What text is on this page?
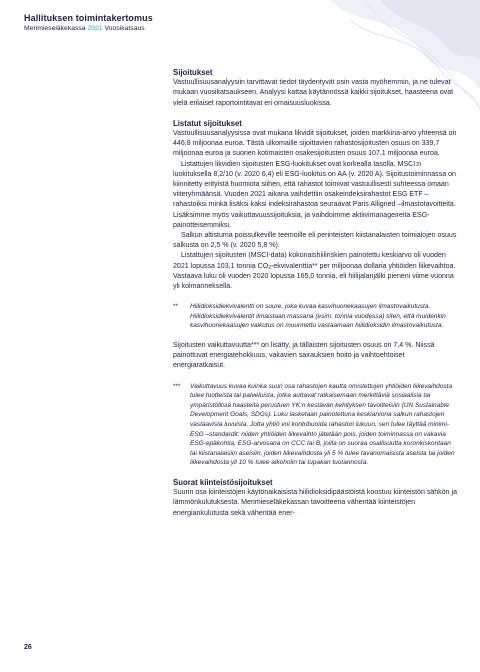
Hallituksen toimintakertomus
Merimieseläkekassa 2021 Vuosikatsaus
Sijoitukset

Vastuullisuusanalyysiin tarvittavat tiedot täydentyvät osin vasta myöhemmin, ja ne tulevat mukaan vuosikatsaukseen. Analyysi kattaa käytännössä kaikki sijoitukset, haasteena ovat vielä erilaiset raportointitavat eri omaisuusluokissa.

Listatut sijoitukset

Vastuullisuusanalyysissa ovat mukana likvidit sijoitukset, joiden markkina-arvo yhteensä on 446,8 miljoonaa euroa. Tästä ulkomaille sijoittavien rahastosijoitusten osuus on 339,7 miljoonaa euroa ja suorien kotimaisten osakesijoitusten osuus 107,1 miljoonaa euroa.

Listattujen likvidien sijoitusten ESG-luokitukset ovat korkealla tasolla. MSCI:n luokituksella 8,2/10 (v. 2020 6,4) eli ESG-luokitus on AA (v. 2020 A). Sijoitustoiminnassa on kiinnitetty erityistä huomiota siihen, että rahastot toimivat vastuullisesti suhteessa omaan viiteryhmäänsä. Vuoden 2021 aikana vaihdettiin osakeindeksirahastot ESG ETF –rahastoiksi minkä lisäksi kaksi indeksirahastoa seuraavat Paris Alligned –ilmastotavoitteita. Lisäksimme myös vaikuttavuussijoituksia, ja vaihdoimme aktiivimanageireita ESG-painotteisemmiksi.

Salkun altistuma poissulkeville teemoille eli perinteisten kiistanalaisten toimialojen osuus salkusta on 2,5 % (v. 2020 5,8 %).

Listattujen sijoitusten (MSCI-data) kokonaishiiliriskien painotettu keskiarvo oli vuoden 2021 lopussa 103,1 tonnia $CO_2-ekvivalenttia**$ per miljoonaa dollaria yhtiöiden liikevaihtoa. Vastaava luku oli vuoden 2020 lopussa 165,0 tonnia, eli hiilijalanjälki pieneni viime vuonna yli kolmanneksella.

**	Hiilidioksidiekvivalentti on suure, joka kuvaa kasvihuonekaasujen ilmastovaikutusta. Hiilidioksidiekvivalentit ilmaistaan massana (esim. tonnia vuodessa) siten, että muidenkin kasvihuonekaasujen vaikutus on muunnettu vastaamaan hiilidioksidin ilmastovaikutusta.

Sijoitusten vaikuttavuutta*** on lisätty, ja tällaisten sijoitusten osuus on 7,4 %. Niissä painottuvat energiatehokkuus, vakavien sairauksien hoito ja vaihtoehtoiset energiaratkaisut.

***	Vaikuttavuus kuvaa kuinka suuri osa rahastojen kautta omistettujen yhtiöiden liikevaihdosta tulee tuotteista tai palveluista, jotka auttavat ratkaisemaan merkittäviä sosiaalisia tai ympäristöllisiä haasteita perustuen YK:n kestävän kehityksen tavoitteisiin (UN Sustainable Development Goals, SDGs). Luku lasketaan painotettuna keskiarvona salkun rahastojen vastaavista luvuista. Jotta yhtiö voi kontribuoida rahaston lukuun, sen tulee täyttää minimi-ESG –standardit: niiden yhtiöiden liikevaihto jätetään pois, joiden toiminnassa on vakavia ESG-epäkohtia, ESG-arvosana on CCC tai B, joilla on suoraa osallisuutta koronkiskontaan tai kiistanalaisiin aseisiin, joiden liikevaihdosta yli 5 % tulee tavanomaisista aseista tai joiden liikevaihdosta yli 10 % tulee alkoholin tai tupakan tuotannosta.
Suorat kiinteistösijoitukset

Suurin osa kiinteistöjen käytönaikaisista hiilidioksidipäästöistä koostuu kiinteistön sähkön ja lämmönkulutuksesta. Merimieseläkekassan tavoitteena vähentää kiinteistöjen energiankulutusta sekä vähentää ener-

26
